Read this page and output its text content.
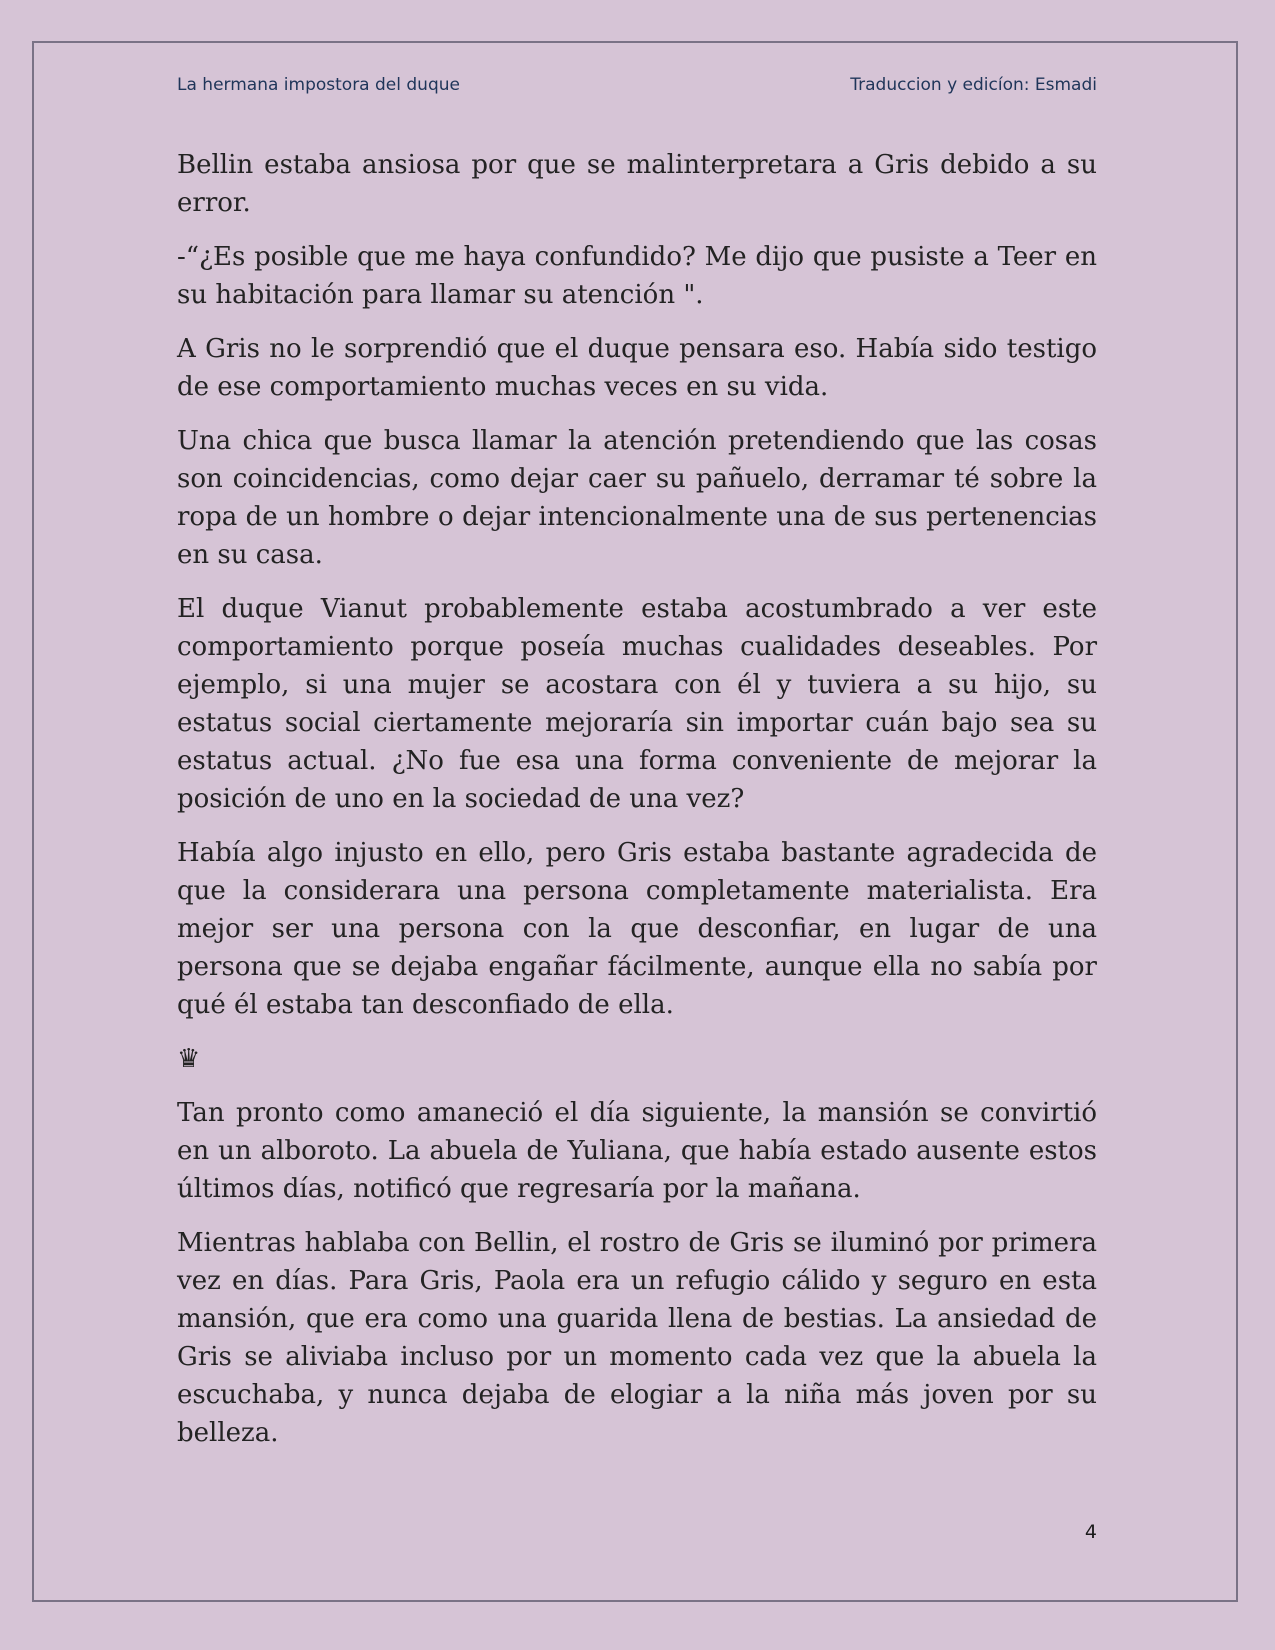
La hermana impostora del duque	Traduccion y edicíon: Esmadi

Bellin estaba ansiosa por que se malinterpretara a Gris debido a su error.

-“¿Es posible que me haya confundido? Me dijo que pusiste a Teer en su habitación para llamar su atención ".

A Gris no le sorprendió que el duque pensara eso. Había sido testigo de ese comportamiento muchas veces en su vida.

Una chica que busca llamar la atención pretendiendo que las cosas son coincidencias, como dejar caer su pañuelo, derramar té sobre la ropa de un hombre o dejar intencionalmente una de sus pertenencias en su casa.

El duque Vianut probablemente estaba acostumbrado a ver este comportamiento porque poseía muchas cualidades deseables. Por ejemplo, si una mujer se acostara con él y tuviera a su hijo, su estatus social ciertamente mejoraría sin importar cuán bajo sea su estatus actual. ¿No fue esa una forma conveniente de mejorar la posición de uno en la sociedad de una vez?

Había algo injusto en ello, pero Gris estaba bastante agradecida de que la considerara una persona completamente materialista. Era mejor ser una persona con la que desconfiar, en lugar de una persona que se dejaba engañar fácilmente, aunque ella no sabía por qué él estaba tan desconfiado de ella.

♛

Tan pronto como amaneció el día siguiente, la mansión se convirtió en un alboroto. La abuela de Yuliana, que había estado ausente estos últimos días, notificó que regresaría por la mañana.

Mientras hablaba con Bellin, el rostro de Gris se iluminó por primera vez en días. Para Gris, Paola era un refugio cálido y seguro en esta mansión, que era como una guarida llena de bestias. La ansiedad de Gris se aliviaba incluso por un momento cada vez que la abuela la escuchaba, y nunca dejaba de elogiar a la niña más joven por su belleza.

4
